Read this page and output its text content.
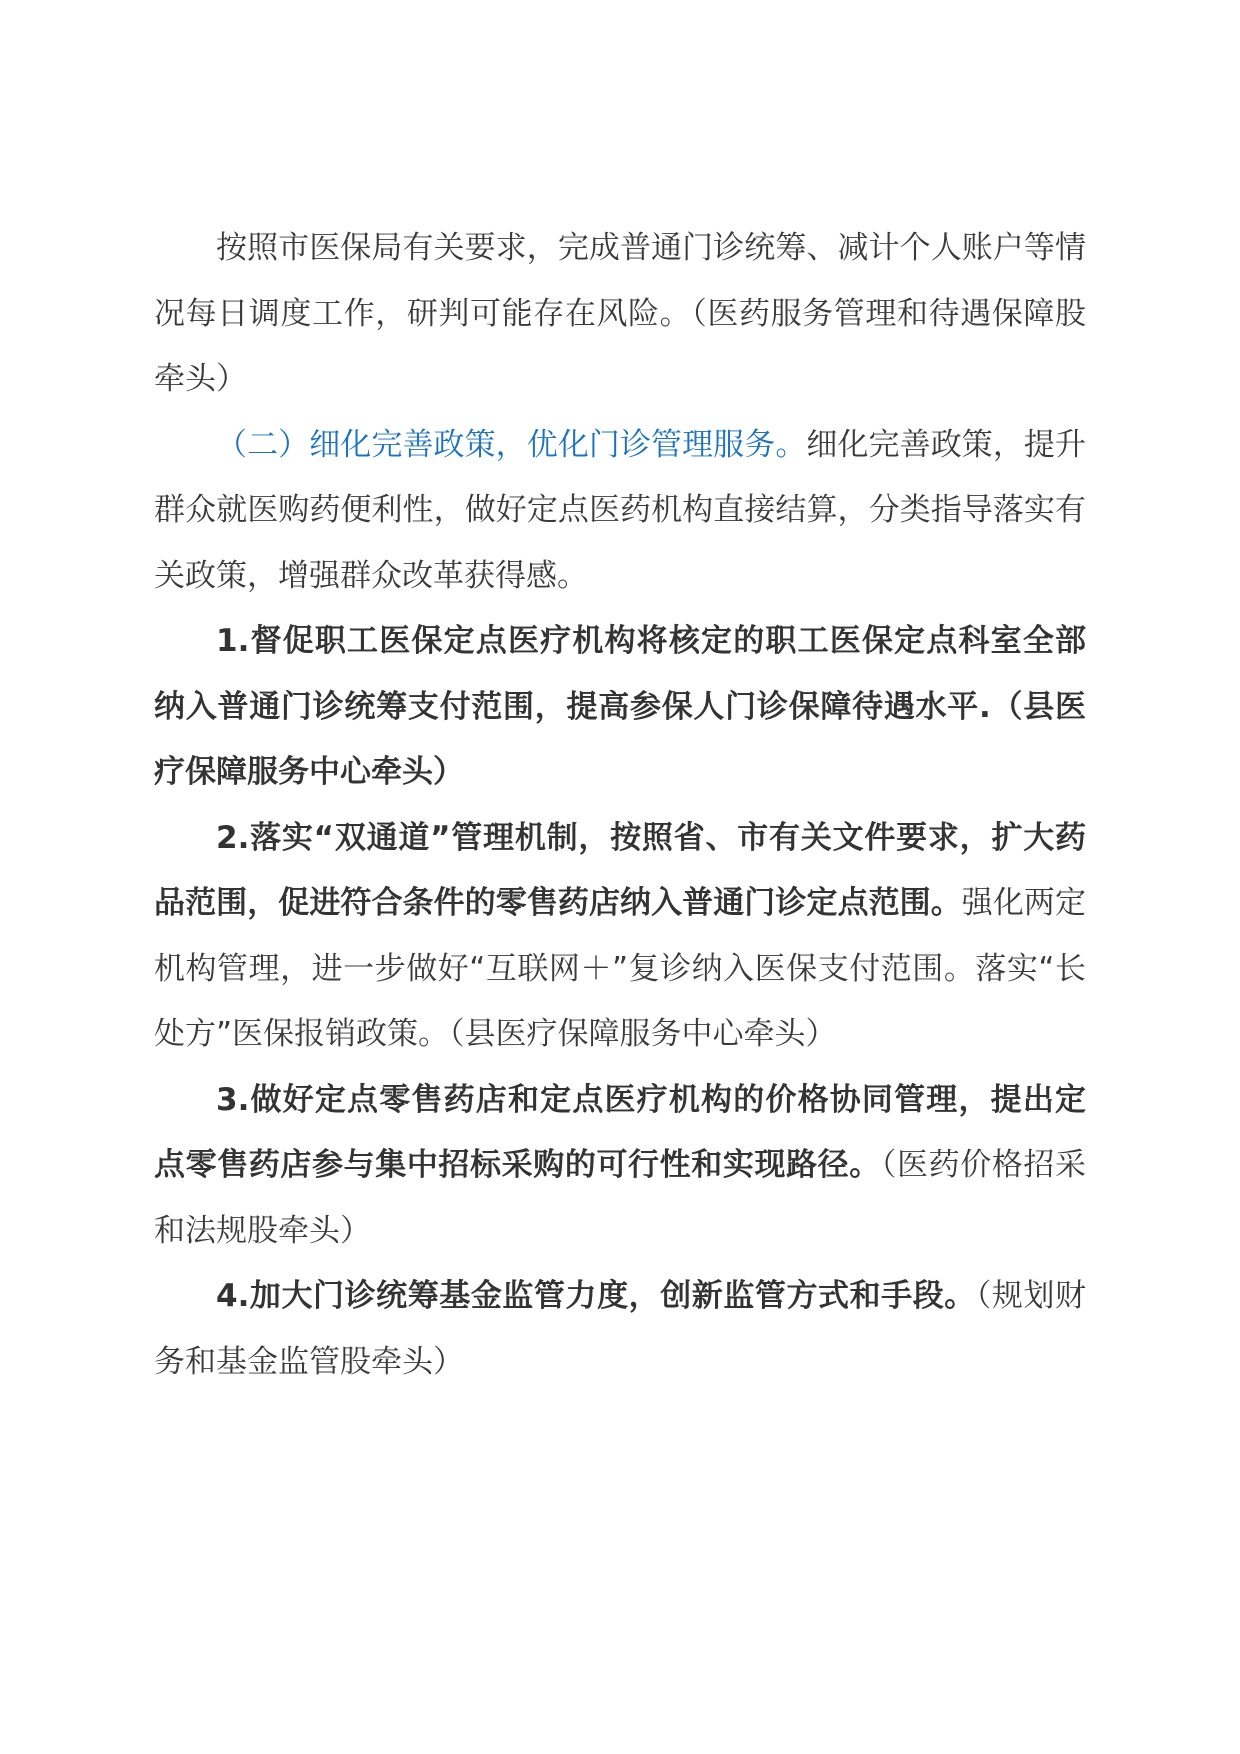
按照市医保局有关要求，完成普通门诊统筹、减计个人账户等情况每日调度工作，研判可能存在风险。（医药服务管理和待遇保障股牵头）

（二）细化完善政策，优化门诊管理服务。细化完善政策，提升群众就医购药便利性，做好定点医药机构直接结算，分类指导落实有关政策，增强群众改革获得感。

1.督促职工医保定点医疗机构将核定的职工医保定点科室全部纳入普通门诊统筹支付范围，提高参保人门诊保障待遇水平.（县医疗保障服务中心牵头）

2.落实“双通道”管理机制，按照省、市有关文件要求，扩大药品范围，促进符合条件的零售药店纳入普通门诊定点范围。强化两定机构管理，进一步做好“互联网＋”复诊纳入医保支付范围。落实“长处方”医保报销政策。（县医疗保障服务中心牵头）

3.做好定点零售药店和定点医疗机构的价格协同管理，提出定点零售药店参与集中招标采购的可行性和实现路径。（医药价格招采和法规股牵头）

4.加大门诊统筹基金监管力度，创新监管方式和手段。（规划财务和基金监管股牵头）
